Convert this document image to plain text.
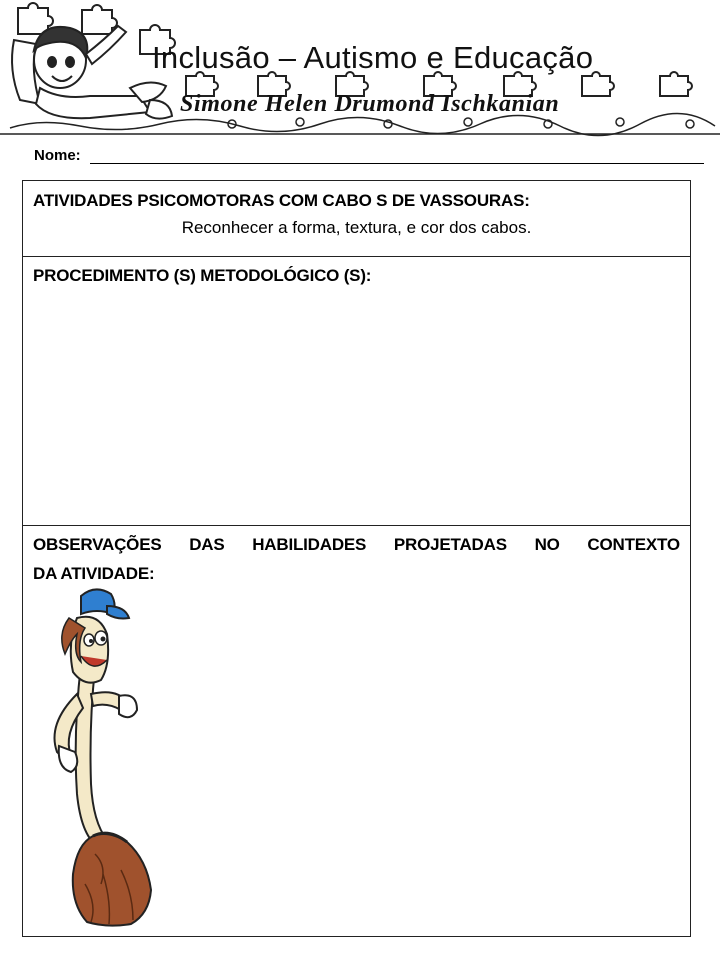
Inclusão – Autismo e Educação

Simone Helen Drumond Ischkanian

Nome:
ATIVIDADES PSICOMOTORAS COM CABO S DE VASSOURAS:
Reconhecer a forma, textura, e cor dos cabos.
PROCEDIMENTO (S) METODOLÓGICO (S):
OBSERVAÇÕES DAS HABILIDADES PROJETADAS NO CONTEXTO
DA ATIVIDADE:
